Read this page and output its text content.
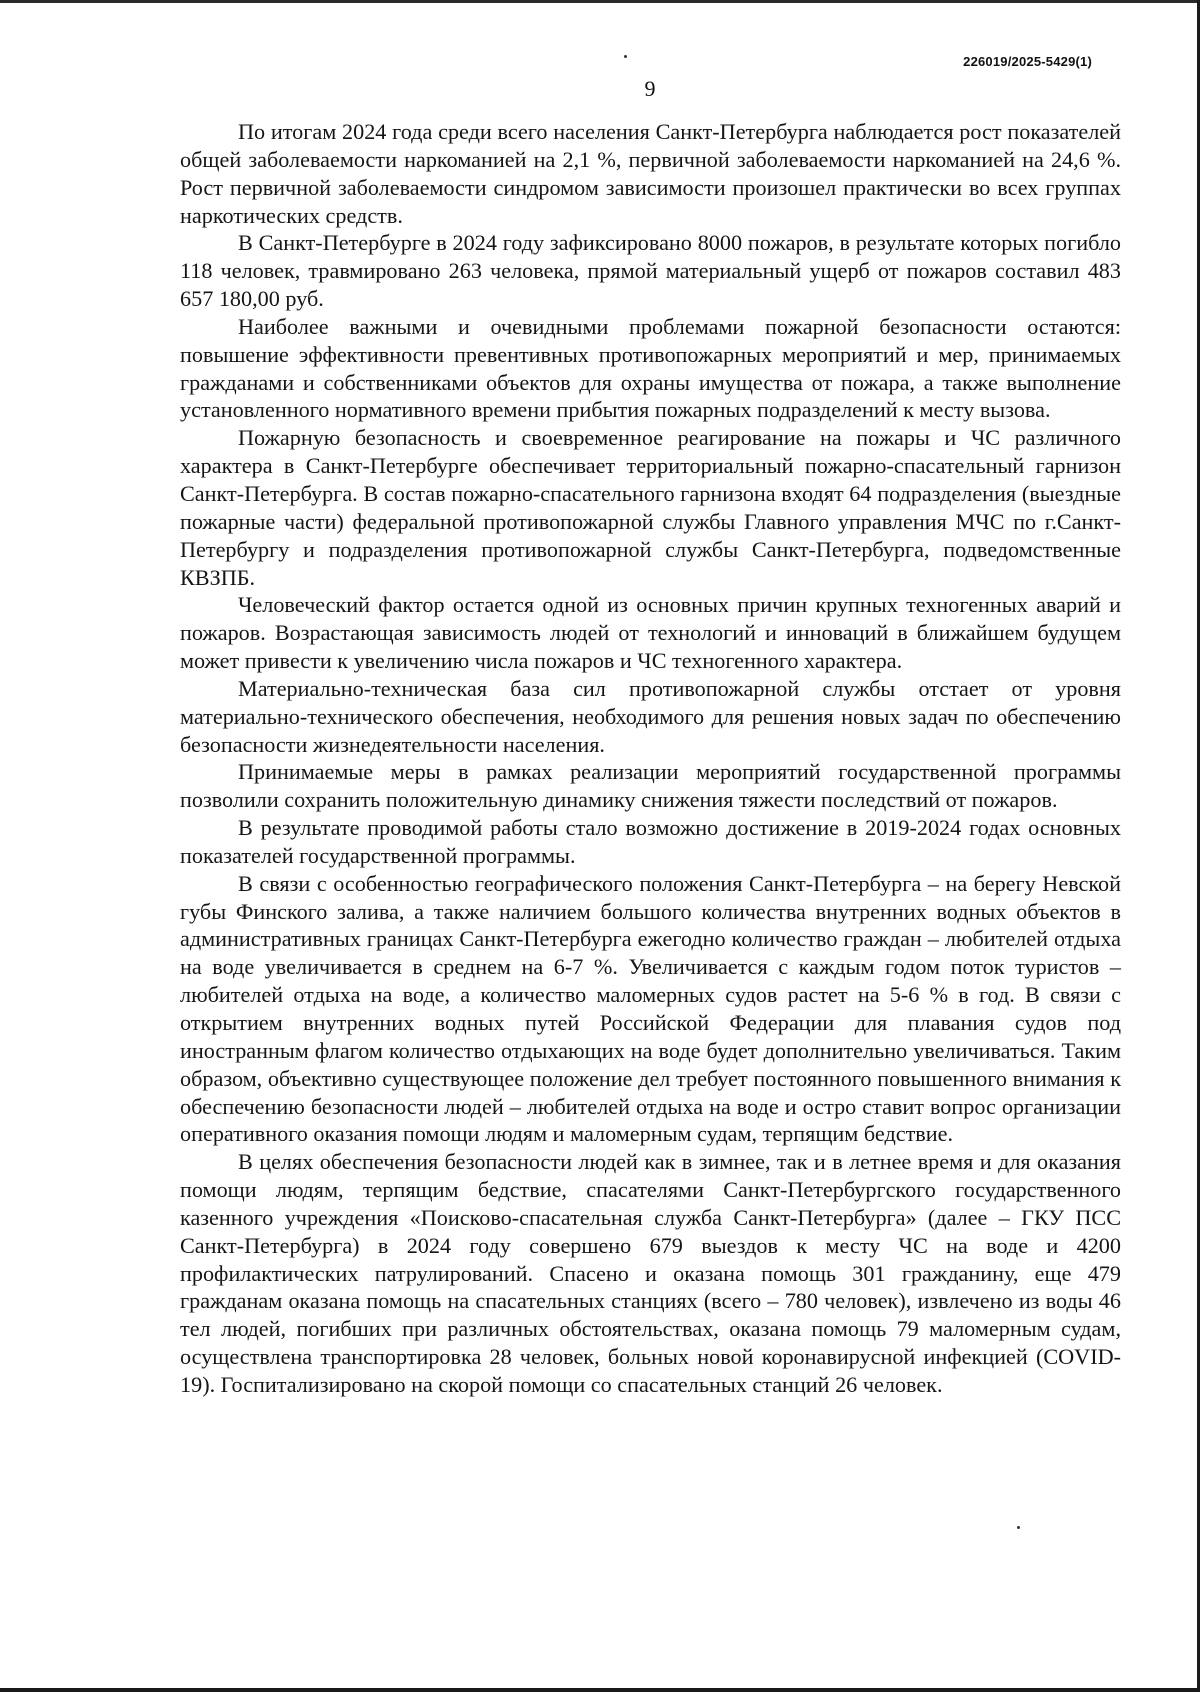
226019/2025-5429(1)
9

По итогам 2024 года среди всего населения Санкт-Петербурга наблюдается рост показателей общей заболеваемости наркоманией на 2,1 %, первичной заболеваемости наркоманией на 24,6 %. Рост первичной заболеваемости синдромом зависимости произошел практически во всех группах наркотических средств.

В Санкт-Петербурге в 2024 году зафиксировано 8000 пожаров, в результате которых погибло 118 человек, травмировано 263 человека, прямой материальный ущерб от пожаров составил 483 657 180,00 руб.

Наиболее важными и очевидными проблемами пожарной безопасности остаются: повышение эффективности превентивных противопожарных мероприятий и мер, принимаемых гражданами и собственниками объектов для охраны имущества от пожара, а также выполнение установленного нормативного времени прибытия пожарных подразделений к месту вызова.

Пожарную безопасность и своевременное реагирование на пожары и ЧС различного характера в Санкт-Петербурге обеспечивает территориальный пожарно-спасательный гарнизон Санкт-Петербурга. В состав пожарно-спасательного гарнизона входят 64 подразделения (выездные пожарные части) федеральной противопожарной службы Главного управления МЧС по г.Санкт-Петербургу и подразделения противопожарной службы Санкт-Петербурга, подведомственные КВЗПБ.

Человеческий фактор остается одной из основных причин крупных техногенных аварий и пожаров. Возрастающая зависимость людей от технологий и инноваций в ближайшем будущем может привести к увеличению числа пожаров и ЧС техногенного характера.

Материально-техническая база сил противопожарной службы отстает от уровня материально-технического обеспечения, необходимого для решения новых задач по обеспечению безопасности жизнедеятельности населения.

Принимаемые меры в рамках реализации мероприятий государственной программы позволили сохранить положительную динамику снижения тяжести последствий от пожаров.

В результате проводимой работы стало возможно достижение в 2019-2024 годах основных показателей государственной программы.

В связи с особенностью географического положения Санкт-Петербурга – на берегу Невской губы Финского залива, а также наличием большого количества внутренних водных объектов в административных границах Санкт-Петербурга ежегодно количество граждан – любителей отдыха на воде увеличивается в среднем на 6-7 %. Увеличивается с каждым годом поток туристов – любителей отдыха на воде, а количество маломерных судов растет на 5-6 % в год. В связи с открытием внутренних водных путей Российской Федерации для плавания судов под иностранным флагом количество отдыхающих на воде будет дополнительно увеличиваться. Таким образом, объективно существующее положение дел требует постоянного повышенного внимания к обеспечению безопасности людей – любителей отдыха на воде и остро ставит вопрос организации оперативного оказания помощи людям и маломерным судам, терпящим бедствие.

В целях обеспечения безопасности людей как в зимнее, так и в летнее время и для оказания помощи людям, терпящим бедствие, спасателями Санкт-Петербургского государственного казенного учреждения «Поисково-спасательная служба Санкт-Петербурга» (далее – ГКУ ПСС Санкт-Петербурга) в 2024 году совершено 679 выездов к месту ЧС на воде и 4200 профилактических патрулирований. Спасено и оказана помощь 301 гражданину, еще 479 гражданам оказана помощь на спасательных станциях (всего – 780 человек), извлечено из воды 46 тел людей, погибших при различных обстоятельствах, оказана помощь 79 маломерным судам, осуществлена транспортировка 28 человек, больных новой коронавирусной инфекцией (COVID-19). Госпитализировано на скорой помощи со спасательных станций 26 человек.
